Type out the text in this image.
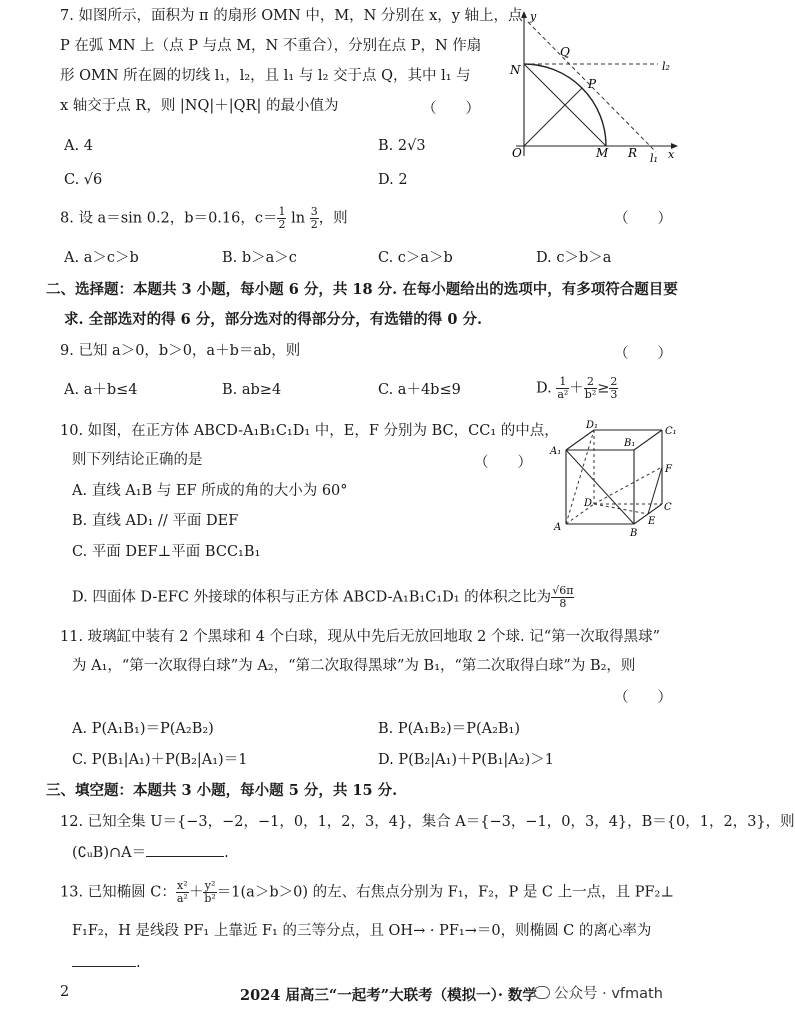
7. 如图所示，面积为 π 的扇形 OMN 中，M，N 分别在 x，y 轴上，点
P 在弧 MN 上（点 P 与点 M，N 不重合），分别在点 P，N 作扇
形 OMN 所在圆的切线 l₁，l₂，且 l₁ 与 l₂ 交于点 Q，其中 l₁ 与
x 轴交于点 R，则 |NQ|＋|QR| 的最小值为	（　　）
A. 4	B. 2√3
C. √6	D. 2
y
Q
N
P
l₂
O	M R l₁ x
8. 设 a＝sin 0.2，b＝0.16，$c= \frac{1}{2}$ $\ln \frac{3}{2}$ ，则	（　　）
A. a＞c＞b	B. b＞a＞c	C. c＞a＞b	D. c＞b＞a
二、选择题：本题共 3 小题，每小题 6 分，共 18 分. 在每小题给出的选项中，有多项符合题目要
求. 全部选对的得 6 分，部分选对的得部分分，有选错的得 0 分.
9. 已知 a＞0，b＞0，a＋b＝ab，则	（　　）
A. a＋b≤4	B. ab≥4	C. a＋4b≤9	D. $\frac{1}{\text{a²}} + \frac{2}{\text{b²}} \ge \frac{2}{3}$
10. 如图，在正方体 ABCD-A₁B₁C₁D₁ 中，E，F 分别为 BC，CC₁ 的中点，
则下列结论正确的是	（　　）
A. 直线 A₁B 与 EF 所成的角的大小为 60°
B. 直线 AD₁ // 平面 DEF
C. 平面 DEF⊥平面 BCC₁B₁
D. 四面体 D-EFC 外接球的体积与正方体 ABCD-A₁B₁C₁D₁ 的体积之比为 $\frac{√6\pi}{8}$
D₁
C₁
B₁
A₁
F
D	C
A
E
B
11. 玻璃缸中装有 2 个黑球和 4 个白球，现从中先后无放回地取 2 个球. 记“第一次取得黑球”
为 A₁，“第一次取得白球”为 A₂，“第二次取得黑球”为 B₁，“第二次取得白球”为 B₂，则
（　　）
A. P(A₁B₁)＝P(A₂B₂)	B. P(A₁B₂)＝P(A₂B₁)
C. P(B₁|A₁)＋P(B₂|A₁)＝1	D. P(B₂|A₁)＋P(B₁|A₂)＞1
三、填空题：本题共 3 小题，每小题 5 分，共 15 分.
12. 已知全集 U＝{−3，−2，−1，0，1，2，3，4}，集合 A＝{−3，−1，0，3，4}，B＝{0，1，2，3}，则
(∁ᵤB)∩A＝	.
13. 已知椭圆 C： $\frac{\text{x²}}{\text{a²}} + \frac{\text{y²}}{\text{b²}} =1(a>b>0)$ 的左、右焦点分别为 F₁，F₂，P 是 C 上一点，且 PF₂⊥
F₁F₂，H 是线段 PF₁ 上靠近 F₁ 的三等分点，且 OH→ · PF₁→＝0，则椭圆 C 的离心率为
.
2	2024 届高三“一起考”大联考（模拟一）· 数学	公众号 · vfmath
